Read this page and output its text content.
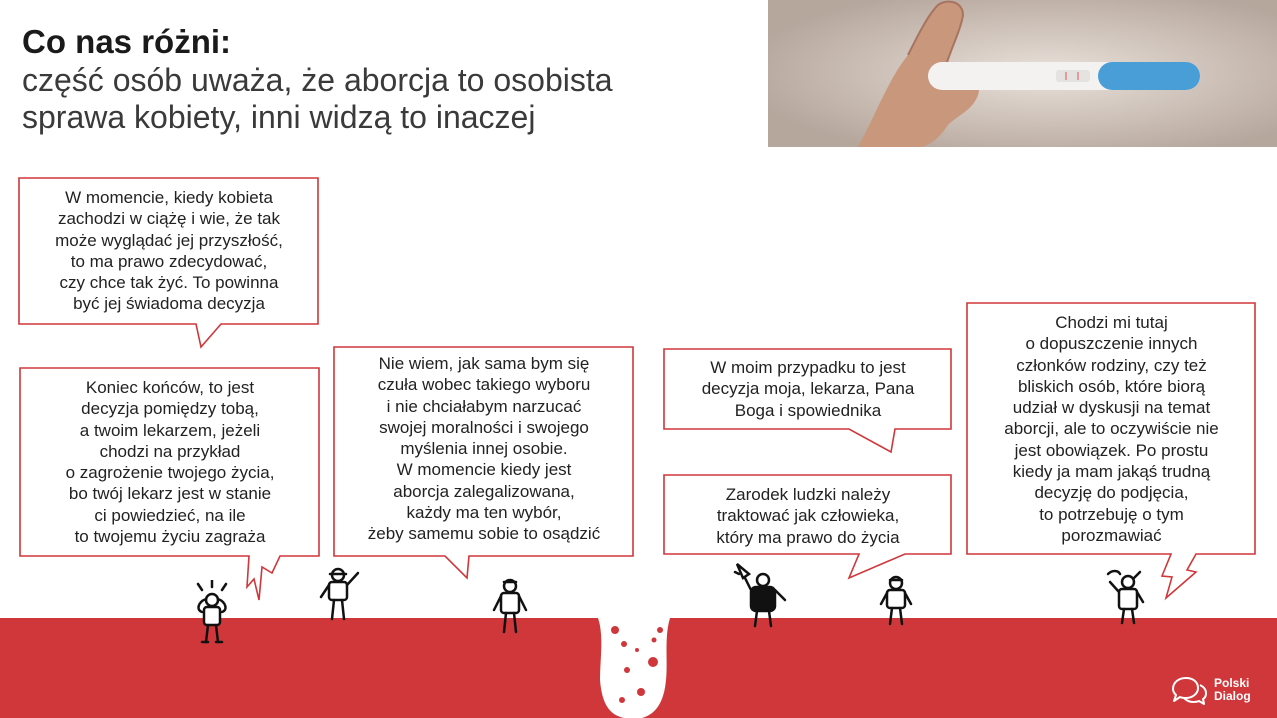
Co nas różni:
część osób uważa, że aborcja to osobista sprawa kobiety, inni widzą to inaczej
W momencie, kiedy kobieta
zachodzi w ciążę i wie, że tak
może wyglądać jej przyszłość,
to ma prawo zdecydować,
czy chce tak żyć. To powinna
być jej świadoma decyzja
Koniec końców, to jest
decyzja pomiędzy tobą,
a twoim lekarzem, jeżeli
chodzi na przykład
o zagrożenie twojego życia,
bo twój lekarz jest w stanie
ci powiedzieć, na ile
to twojemu życiu zagraża
Nie wiem, jak sama bym się
czuła wobec takiego wyboru
i nie chciałabym narzucać
swojej moralności i swojego
myślenia innej osobie.
W momencie kiedy jest
aborcja zalegalizowana,
każdy ma ten wybór,
żeby samemu sobie to osądzić
W moim przypadku to jest
decyzja moja, lekarza, Pana
Boga i spowiednika
Zarodek ludzki należy
traktować jak człowieka,
który ma prawo do życia
Chodzi mi tutaj
o dopuszczenie innych
członków rodziny, czy też
bliskich osób, które biorą
udział w dyskusji na temat
aborcji, ale to oczywiście nie
jest obowiązek. Po prostu
kiedy ja mam jakąś trudną
decyzję do podjęcia,
to potrzebuję o tym
porozmawiać
Polski
Dialog
